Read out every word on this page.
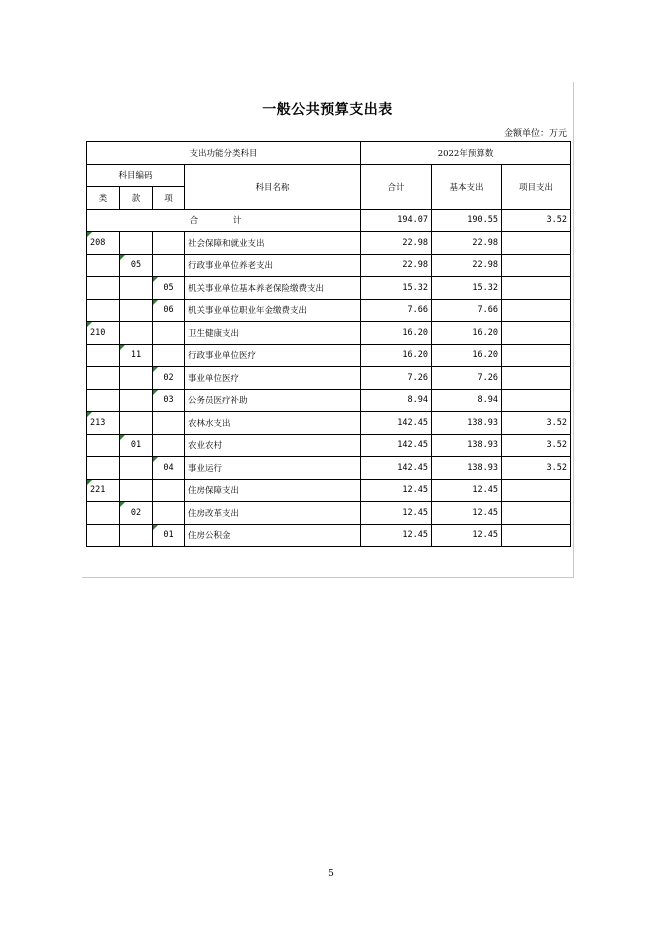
一般公共预算支出表
金额单位：万元
支出功能分类科目				2022年预算数		
科目编码			科目名称	合计	基本支出	项目支出
类	款	项				
合 计				194.07	190.55	3.52
208			社会保障和就业支出	22.98	22.98	
	05		行政事业单位养老支出	22.98	22.98	
		05	机关事业单位基本养老保险缴费支出	15.32	15.32	
		06	机关事业单位职业年金缴费支出	7.66	7.66	
210			卫生健康支出	16.20	16.20	
	11		行政事业单位医疗	16.20	16.20	
		02	事业单位医疗	7.26	7.26	
		03	公务员医疗补助	8.94	8.94	
213			农林水支出	142.45	138.93	3.52
	01		农业农村	142.45	138.93	3.52
		04	事业运行	142.45	138.93	3.52
221			住房保障支出	12.45	12.45	
	02		住房改革支出	12.45	12.45	
		01	住房公积金	12.45	12.45	
5
